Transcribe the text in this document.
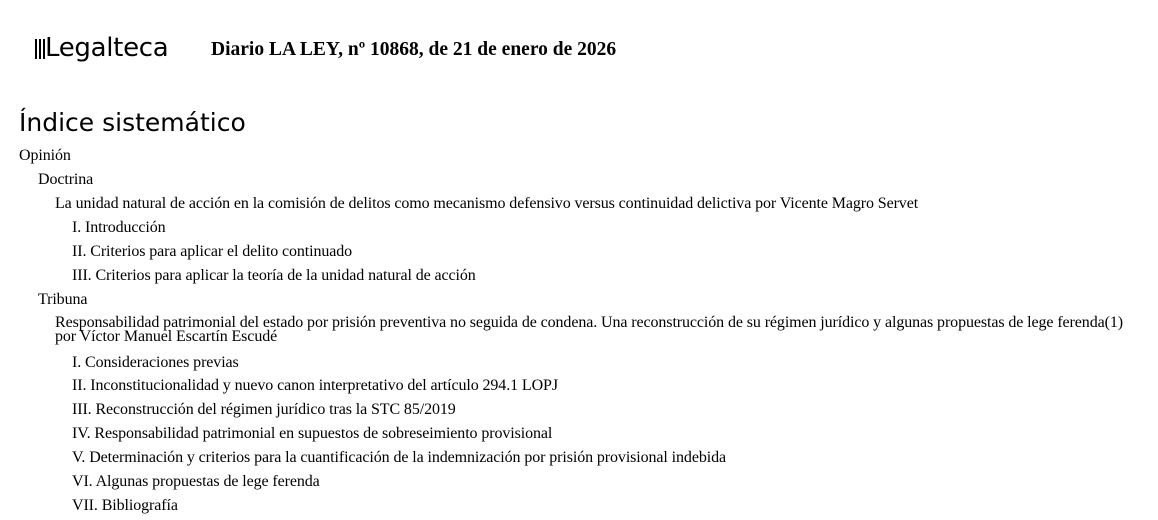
Legalteca Diario LA LEY, nº 10868, de 21 de enero de 2026
Índice sistemático
Opinión
Doctrina
La unidad natural de acción en la comisión de delitos como mecanismo defensivo versus continuidad delictiva por Vicente Magro Servet
I. Introducción
II. Criterios para aplicar el delito continuado
III. Criterios para aplicar la teoría de la unidad natural de acción
Tribuna
Responsabilidad patrimonial del estado por prisión preventiva no seguida de condena. Una reconstrucción de su régimen jurídico y algunas propuestas de lege ferenda(1) por Víctor Manuel Escartín Escudé
I. Consideraciones previas
II. Inconstitucionalidad y nuevo canon interpretativo del artículo 294.1 LOPJ
III. Reconstrucción del régimen jurídico tras la STC 85/2019
IV. Responsabilidad patrimonial en supuestos de sobreseimiento provisional
V. Determinación y criterios para la cuantificación de la indemnización por prisión provisional indebida
VI. Algunas propuestas de lege ferenda
VII. Bibliografía
